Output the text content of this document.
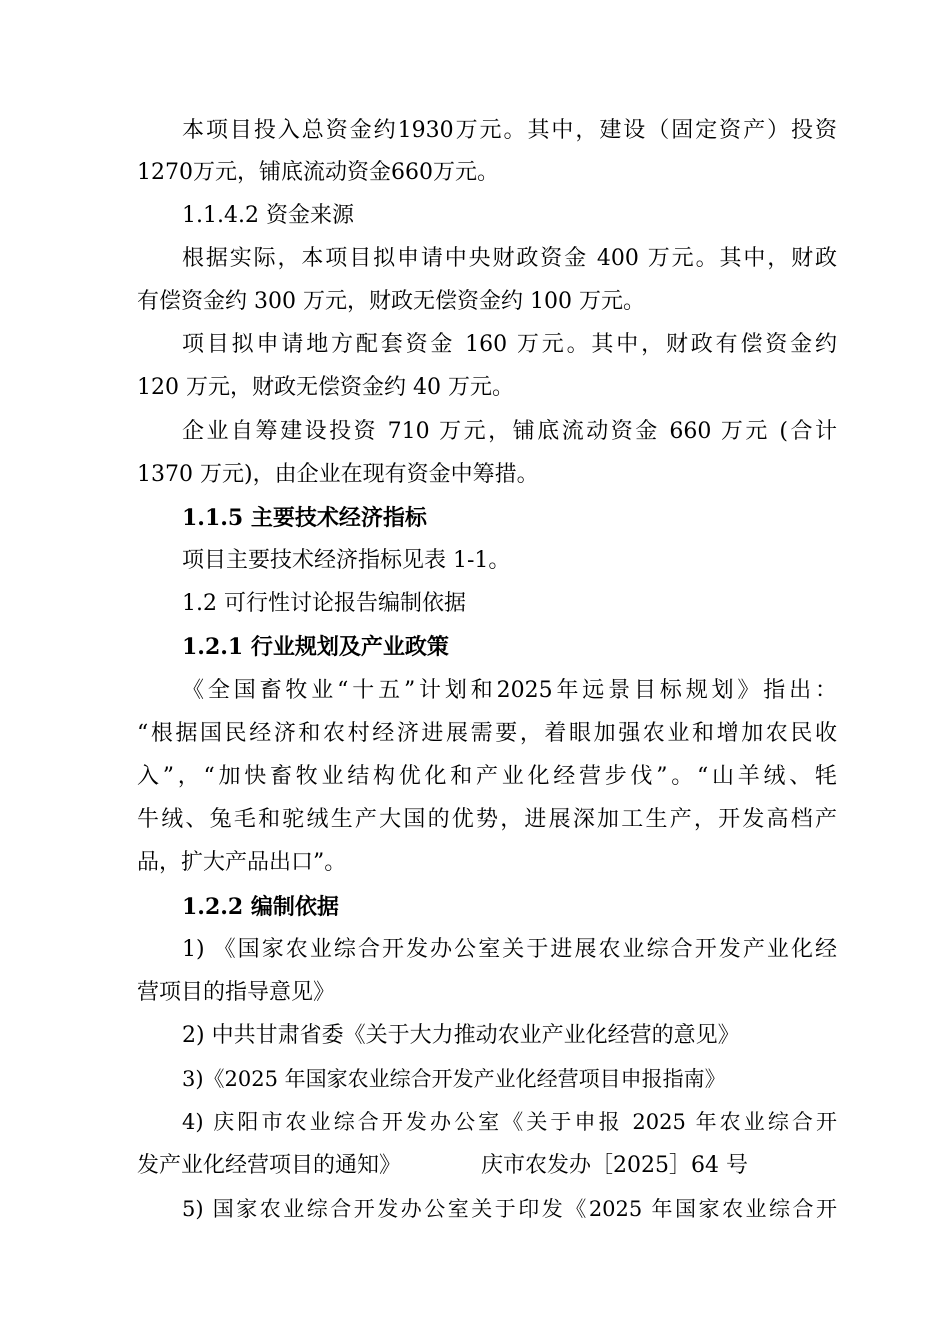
本项目投入总资金约1930万元。其中，建设（固定资产）投资
1270万元，铺底流动资金660万元。
1.1.4.2 资金来源
根据实际，本项目拟申请中央财政资金 400 万元。其中，财政
有偿资金约 300 万元，财政无偿资金约 100 万元。
项目拟申请地方配套资金 160 万元。其中，财政有偿资金约
120 万元，财政无偿资金约 40 万元。
企业自筹建设投资 710 万元，铺底流动资金 660 万元 (合计
1370 万元)，由企业在现有资金中筹措。
1.1.5 主要技术经济指标
项目主要技术经济指标见表 1-1。
1.2 可行性讨论报告编制依据
1.2.1 行业规划及产业政策
《全国畜牧业“十五”计划和2025年远景目标规划》指出：
“根据国民经济和农村经济进展需要，着眼加强农业和增加农民收
入”，“加快畜牧业结构优化和产业化经营步伐”。“山羊绒、牦
牛绒、兔毛和驼绒生产大国的优势，进展深加工生产，开发高档产
品，扩大产品出口”。
1.2.2 编制依据
1) 《国家农业综合开发办公室关于进展农业综合开发产业化经
营项目的指导意见》
2) 中共甘肃省委《关于大力推动农业产业化经营的意见》
3)《2025 年国家农业综合开发产业化经营项目申报指南》
4) 庆阳市农业综合开发办公室《关于申报 2025 年农业综合开
发产业化经营项目的通知》	庆市农发办［2025］64 号
5) 国家农业综合开发办公室关于印发《2025 年国家农业综合开
